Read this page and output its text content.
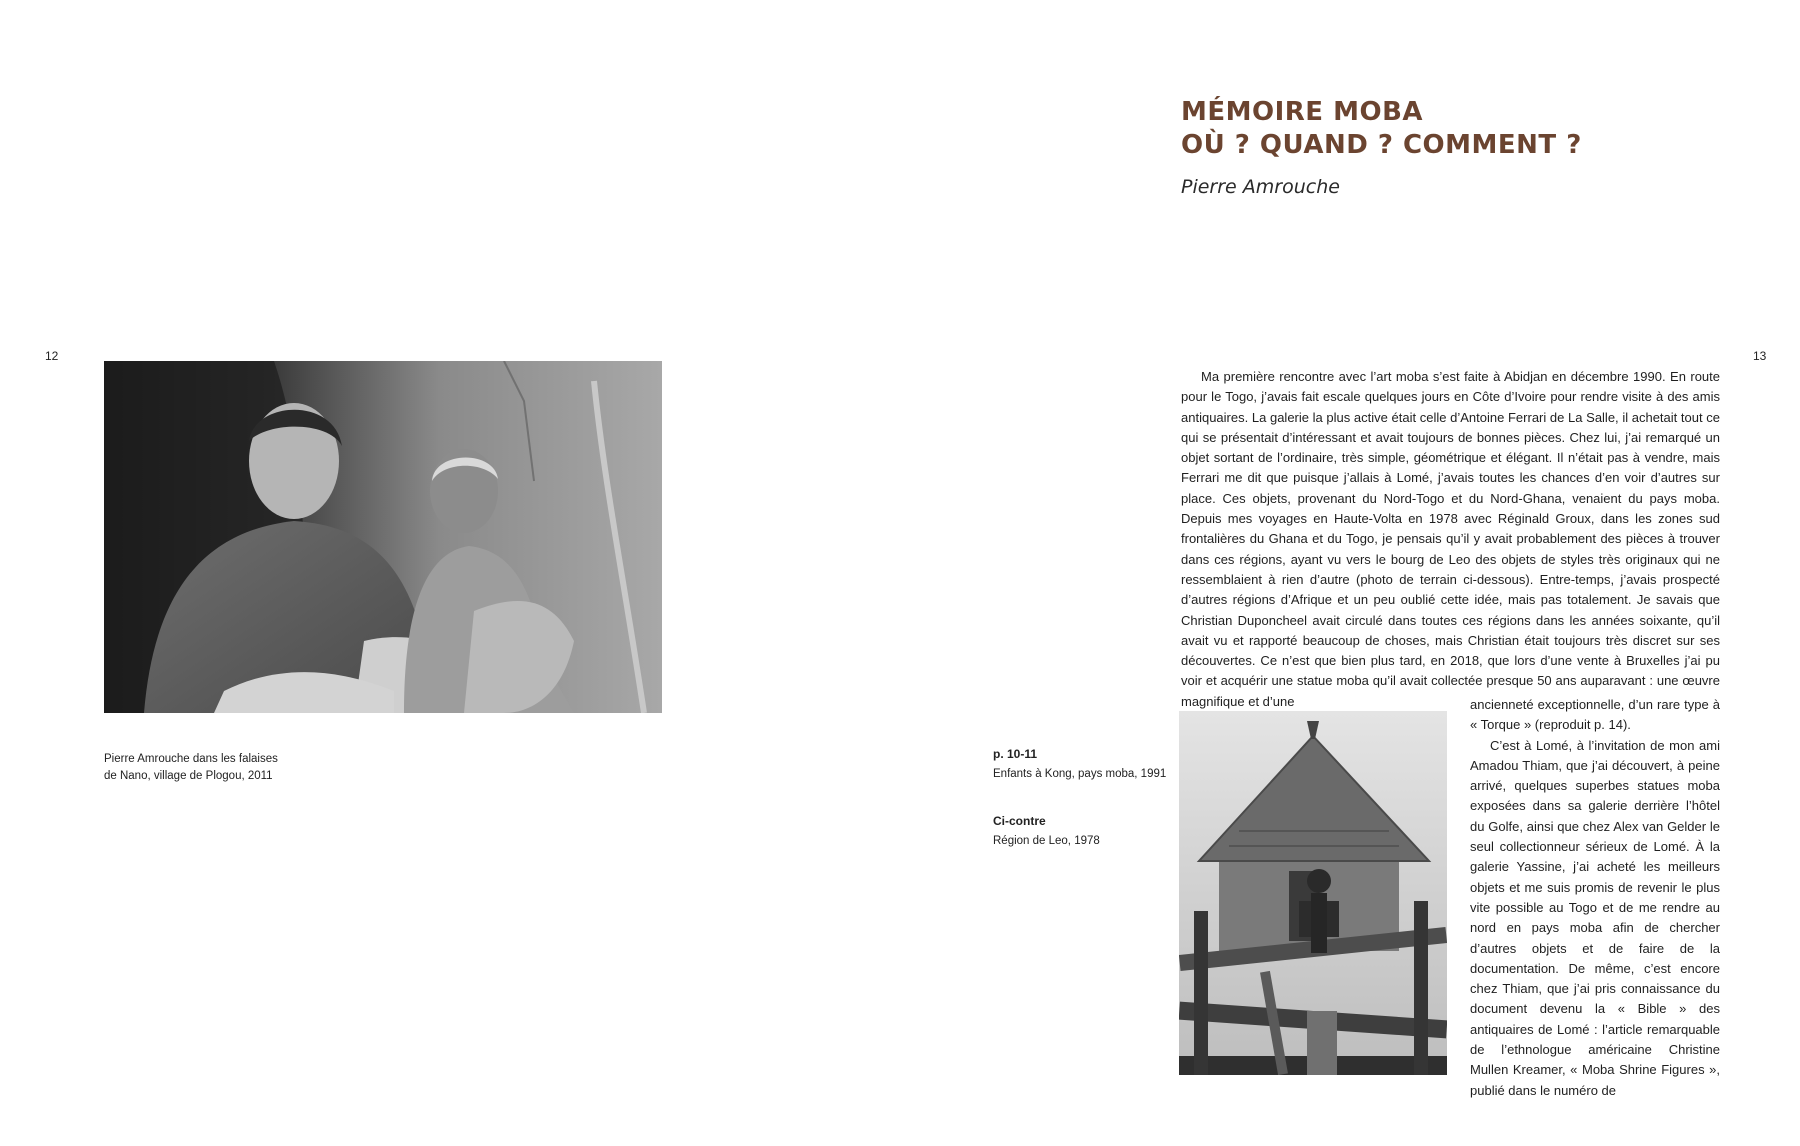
12	13
Pierre Amrouche dans les falaises
de Nano, village de Plogou, 2011
p. 10-11
Enfants à Kong, pays moba, 1991
Ci-contre
Région de Leo, 1978
MÉMOIRE MOBA
OÙ ? QUAND ? COMMENT ?
Pierre Amrouche

Ma première rencontre avec l’art moba s’est faite à Abidjan en décembre 1990. En route pour le Togo, j’avais fait escale quelques jours en Côte d’Ivoire pour rendre visite à des amis antiquaires. La galerie la plus active était celle d’Antoine Ferrari de La Salle, il achetait tout ce qui se présentait d’intéressant et avait toujours de bonnes pièces. Chez lui, j’ai remarqué un objet sortant de l’ordinaire, très simple, géométrique et élégant. Il n’était pas à vendre, mais Ferrari me dit que puisque j’allais à Lomé, j’avais toutes les chances d’en voir d’autres sur place. Ces objets, provenant du Nord-Togo et du Nord-Ghana, venaient du pays moba. Depuis mes voyages en Haute-Volta en 1978 avec Réginald Groux, dans les zones sud frontalières du Ghana et du Togo, je pensais qu’il y avait probablement des pièces à trouver dans ces régions, ayant vu vers le bourg de Leo des objets de styles très originaux qui ne ressemblaient à rien d’autre (photo de terrain ci-dessous). Entre-temps, j’avais prospecté d’autres régions d’Afrique et un peu oublié cette idée, mais pas totalement. Je savais que Christian Duponcheel avait circulé dans toutes ces régions dans les années soixante, qu’il avait vu et rapporté beaucoup de choses, mais Christian était toujours très discret sur ses découvertes. Ce n’est que bien plus tard, en 2018, que lors d’une vente à Bruxelles j’ai pu voir et acquérir une statue moba qu’il avait collectée presque 50 ans auparavant : une œuvre magnifique et d’une	ancienneté exceptionnelle, d’un rare type à « Torque » (reproduit p. 14).

C’est à Lomé, à l’invitation de mon ami Amadou Thiam, que j’ai découvert, à peine arrivé, quelques superbes statues moba exposées dans sa galerie derrière l’hôtel du Golfe, ainsi que chez Alex van Gelder le seul collectionneur sérieux de Lomé. À la galerie Yassine, j’ai acheté les meilleurs objets et me suis promis de revenir le plus vite possible au Togo et de me rendre au nord en pays moba afin de chercher d’autres objets et de faire de la documentation. De même, c’est encore chez Thiam, que j’ai pris connaissance du document devenu la « Bible » des antiquaires de Lomé : l’article remarquable de l’ethnologue américaine Christine Mullen Kreamer, « Moba Shrine Figures », publié dans le numéro de
